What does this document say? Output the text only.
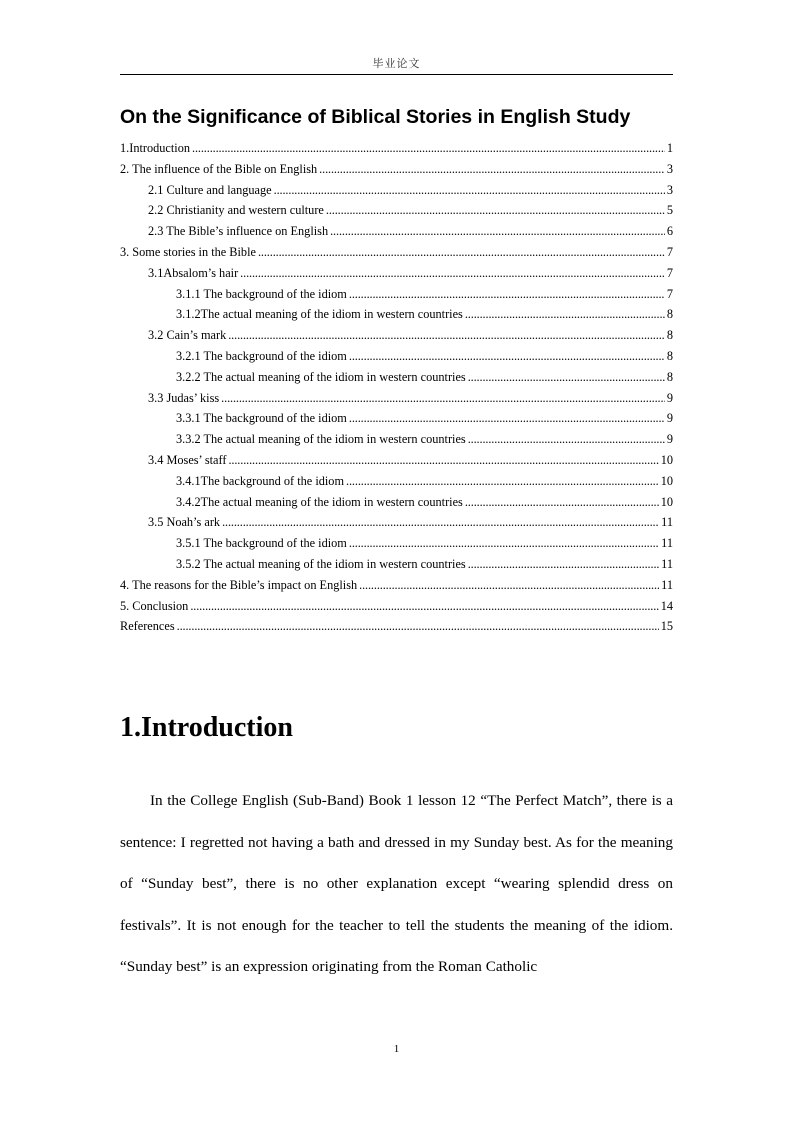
毕业论文
On the Significance of Biblical Stories in English Study
1.Introduction . . .	1
2. The influence of the Bible on English . . .	3
2.1 Culture and language . . .	3
2.2 Christianity and western culture . . .	5
2.3 The Bible’s influence on English . . .	6
3. Some stories in the Bible . . .	7
3.1Absalom’s hair . . .	7
3.1.1 The background of the idiom . . .	7
3.1.2The actual meaning of the idiom in western countries . . .	8
3.2 Cain’s mark . . .	8
3.2.1 The background of the idiom . . .	8
3.2.2 The actual meaning of the idiom in western countries . . .	8
3.3 Judas’ kiss . . .	9
3.3.1 The background of the idiom . . .	9
3.3.2 The actual meaning of the idiom in western countries . . .	9
3.4 Moses’ staff . . .	10
3.4.1The background of the idiom . . .	10
3.4.2The actual meaning of the idiom in western countries . . .	10
3.5 Noah’s ark . . .	11
3.5.1 The background of the idiom . . .	11
3.5.2 The actual meaning of the idiom in western countries . . .	11
4. The reasons for the Bible’s impact on English . . .	11
5. Conclusion . . .	14
References . . .	15
1.Introduction

In the College English (Sub-Band) Book 1 lesson 12 “The Perfect Match”, there is a sentence: I regretted not having a bath and dressed in my Sunday best. As for the meaning of “Sunday best”, there is no other explanation except “wearing splendid dress on festivals”. It is not enough for the teacher to tell the students the meaning of the idiom. “Sunday best” is an expression originating from the Roman Catholic

1
